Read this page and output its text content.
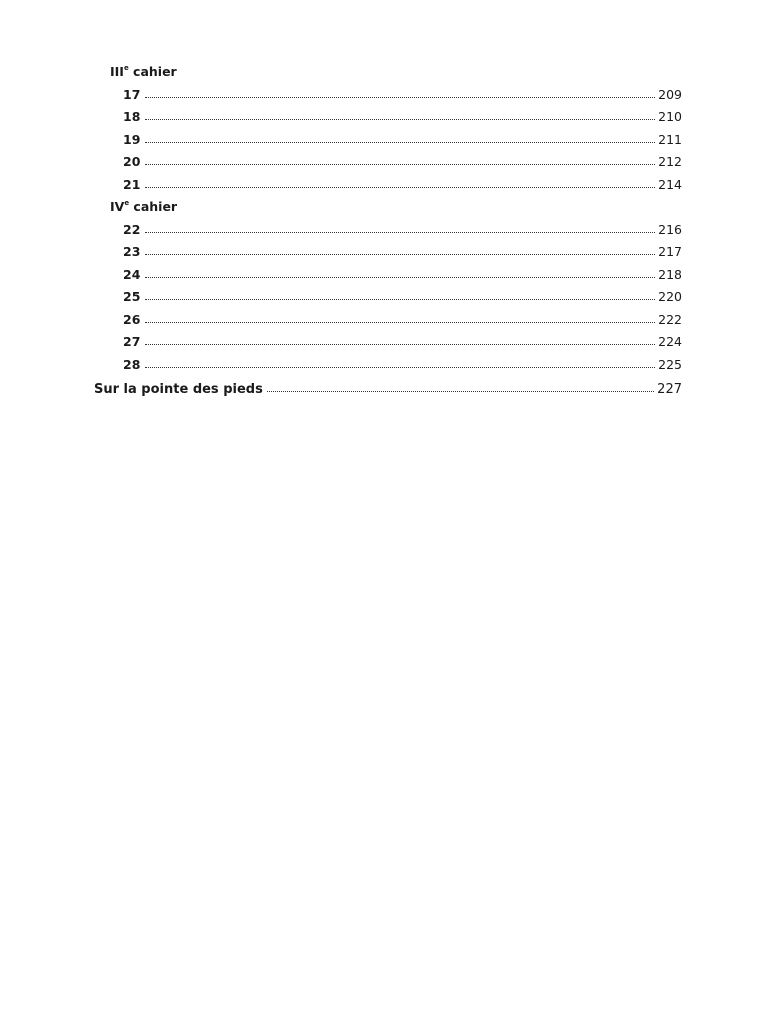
IIIe cahier
17	209
18	210
19	211
20	212
21	214
IVe cahier
22	216
23	217
24	218
25	220
26	222
27	224
28	225
Sur la pointe des pieds	227
